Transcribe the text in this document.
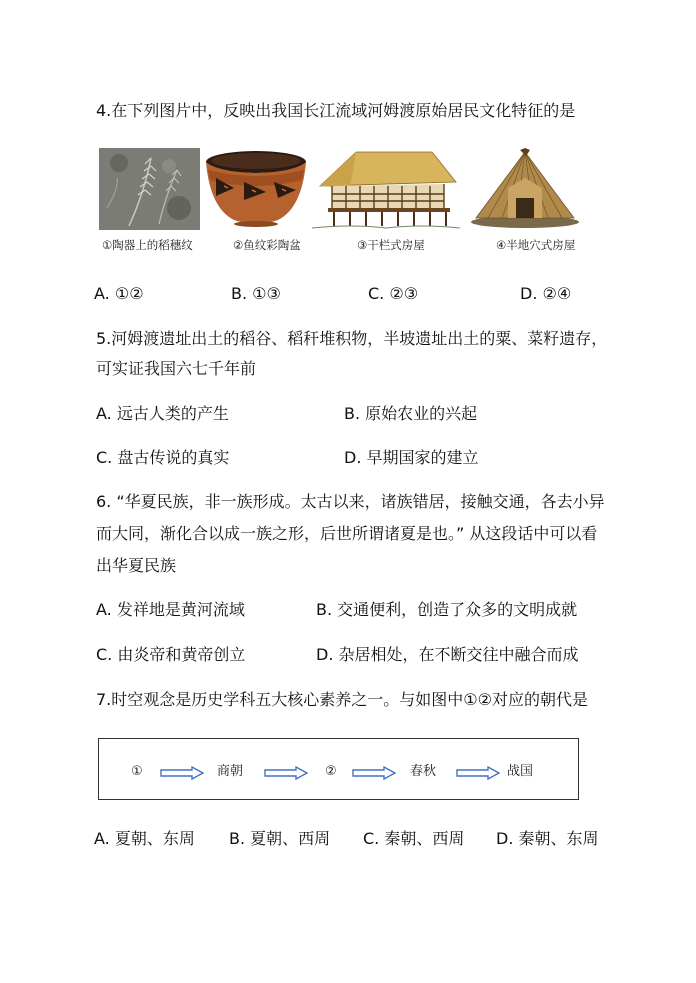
4.在下列图片中，反映出我国长江流域河姆渡原始居民文化特征的是
①陶器上的稻穗纹	②鱼纹彩陶盆	③干栏式房屋	④半地穴式房屋
A. ①②	B. ①③	C. ②③	D. ②④
5.河姆渡遗址出土的稻谷、稻秆堆积物，半坡遗址出土的粟、菜籽遗存，
可实证我国六七千年前
A. 远古人类的产生	B. 原始农业的兴起
C. 盘古传说的真实	D. 早期国家的建立
6. “华夏民族，非一族形成。太古以来，诸族错居，接触交通，各去小异
而大同，渐化合以成一族之形，后世所谓诸夏是也。” 从这段话中可以看
出华夏民族
A. 发祥地是黄河流域	B. 交通便利，创造了众多的文明成就
C. 由炎帝和黄帝创立	D. 杂居相处，在不断交往中融合而成
7.时空观念是历史学科五大核心素养之一。与如图中①②对应的朝代是
①	商朝	②	春秋	战国
A. 夏朝、东周 B. 夏朝、西周 C. 秦朝、西周 D. 秦朝、东周
